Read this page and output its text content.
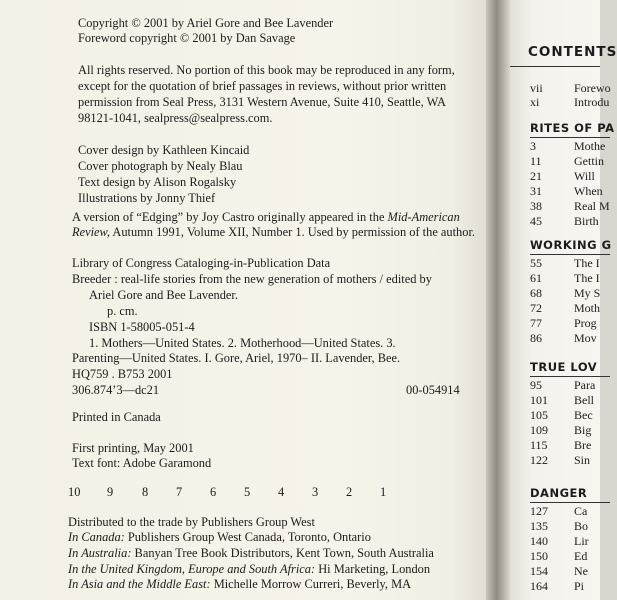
Copyright © 2001 by Ariel Gore and Bee Lavender
Foreword copyright © 2001 by Dan Savage
All rights reserved. No portion of this book may be reproduced in any form,
except for the quotation of brief passages in reviews, without prior written
permission from Seal Press, 3131 Western Avenue, Suite 410, Seattle, WA
98121-1041, sealpress@sealpress.com.
Cover design by Kathleen Kincaid
Cover photograph by Nealy Blau
Text design by Alison Rogalsky
Illustrations by Jonny Thief
A version of “Edging” by Joy Castro originally appeared in the Mid-American
Review, Autumn 1991, Volume XII, Number 1. Used by permission of the author.
Library of Congress Cataloging-in-Publication Data
Breeder : real-life stories from the new generation of mothers / edited by
Ariel Gore and Bee Lavender.
p. cm.
ISBN 1-58005-051-4
1. Mothers—United States. 2. Motherhood—United States. 3.
Parenting—United States. I. Gore, Ariel, 1970– II. Lavender, Bee.
HQ759 . B753 2001
306.874’3—dc21	00-054914
Printed in Canada
First printing, May 2001
Text font: Adobe Garamond
10 9 8 7 6 5 4 3 2 1
Distributed to the trade by Publishers Group West
In Canada: Publishers Group West Canada, Toronto, Ontario
In Australia: Banyan Tree Book Distributors, Kent Town, South Australia
In the United Kingdom, Europe and South Africa: Hi Marketing, London
In Asia and the Middle East: Michelle Morrow Curreri, Beverly, MA
CONTENTS
vii	Forewo
xi	Introdu
RITES OF PA
3	Mothe
11	Gettin
21	Will
31	When
38	Real M
45	Birth
WORKING G
55	The I
61	The I
68	My S
72	Moth
77	Prog
86	Mov
TRUE LOV
95	Para
101 Bell
105 Bec
109 Big
115 Bre
122 Sin
DANGER
127 Ca
135 Bo
140 Lir
150 Ed
154 Ne
164 Pi
